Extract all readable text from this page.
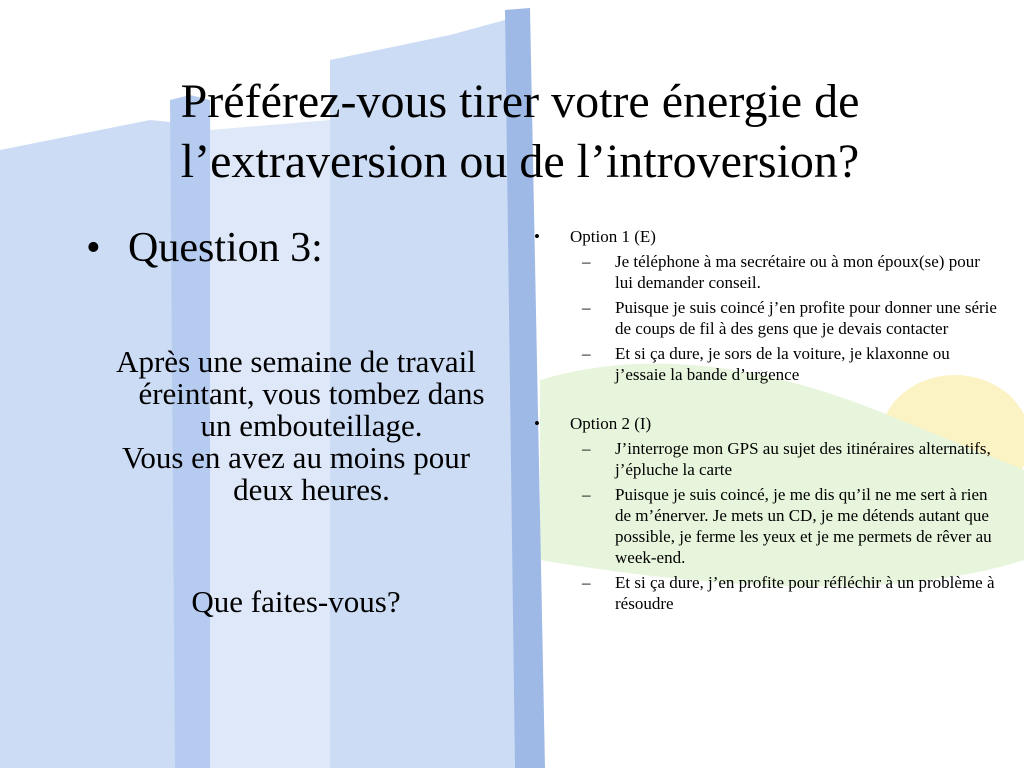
Préférez-vous tirer votre énergie de
l’extraversion ou de l’introversion?
• Question 3:

Après une semaine de travail éreintant, vous tombez dans un embouteillage.

Vous en avez au moins pour deux heures.

Que faites-vous?

• Option 1 (E)
– Je téléphone à ma secrétaire ou à mon époux(se) pour lui demander conseil.
– Puisque je suis coincé j’en profite pour donner une série de coups de fil à des gens que je devais contacter
– Et si ça dure, je sors de la voiture, je klaxonne ou j’essaie la bande d’urgence
• Option 2 (I)
– J’interroge mon GPS au sujet des itinéraires alternatifs, j’épluche la carte
– Puisque je suis coincé, je me dis qu’il ne me sert à rien de m’énerver. Je mets un CD, je me détends autant que possible, je ferme les yeux et je me permets de rêver au week-end.
– Et si ça dure, j’en profite pour réfléchir à un problème à résoudre
